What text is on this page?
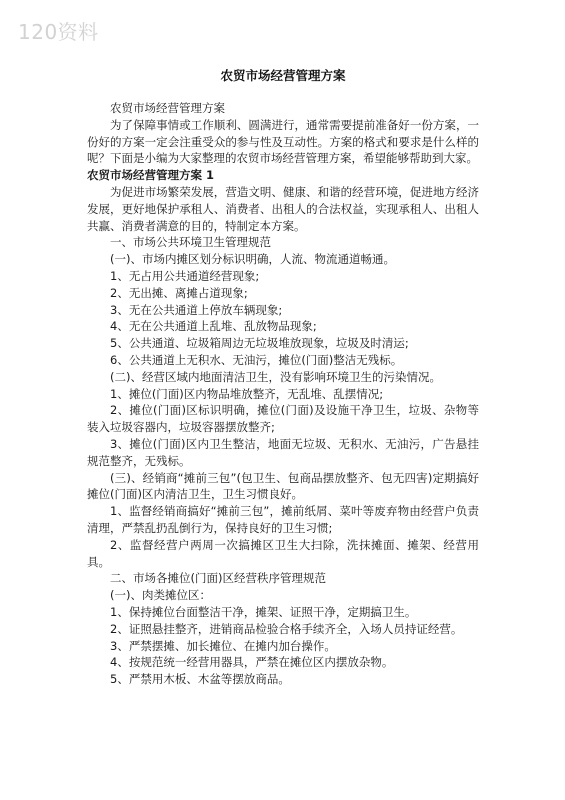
120资料
农贸市场经营管理方案

农贸市场经营管理方案

为了保障事情或工作顺利、圆满进行，通常需要提前准备好一份方案，一份好的方案一定会注重受众的参与性及互动性。方案的格式和要求是什么样的呢？下面是小编为大家整理的农贸市场经营管理方案，希望能够帮助到大家。

农贸市场经营管理方案 1

为促进市场繁荣发展，营造文明、健康、和谐的经营环境，促进地方经济发展，更好地保护承租人、消费者、出租人的合法权益，实现承租人、出租人共赢、消费者满意的目的，特制定本方案。

一、市场公共环境卫生管理规范

(一)、市场内摊区划分标识明确，人流、物流通道畅通。

1、无占用公共通道经营现象;

2、无出摊、离摊占道现象;

3、无在公共通道上停放车辆现象;

4、无在公共通道上乱堆、乱放物品现象;

5、公共通道、垃圾箱周边无垃圾堆放现象，垃圾及时清运;

6、公共通道上无积水、无油污，摊位(门面)整洁无残标。

(二)、经营区域内地面清洁卫生，没有影响环境卫生的污染情况。

1、摊位(门面)区内物品堆放整齐，无乱堆、乱摆情况;

2、摊位(门面)区标识明确，摊位(门面)及设施干净卫生，垃圾、杂物等装入垃圾容器内，垃圾容器摆放整齐;

3、摊位(门面)区内卫生整洁，地面无垃圾、无积水、无油污，广告悬挂规范整齐，无残标。

(三)、经销商“摊前三包”(包卫生、包商品摆放整齐、包无四害)定期搞好摊位(门面)区内清洁卫生，卫生习惯良好。

1、监督经销商搞好“摊前三包”，摊前纸屑、菜叶等废弃物由经营户负责清理，严禁乱扔乱倒行为，保持良好的卫生习惯;

2、监督经营户两周一次搞摊区卫生大扫除，洗抹摊面、摊架、经营用具。

二、市场各摊位(门面)区经营秩序管理规范

(一)、肉类摊位区：

1、保持摊位台面整洁干净，摊架、证照干净，定期搞卫生。

2、证照悬挂整齐，进销商品检验合格手续齐全，入场人员持证经营。

3、严禁摆摊、加长摊位、在摊内加台操作。

4、按规范统一经营用器具，严禁在摊位区内摆放杂物。

5、严禁用木板、木盆等摆放商品。
